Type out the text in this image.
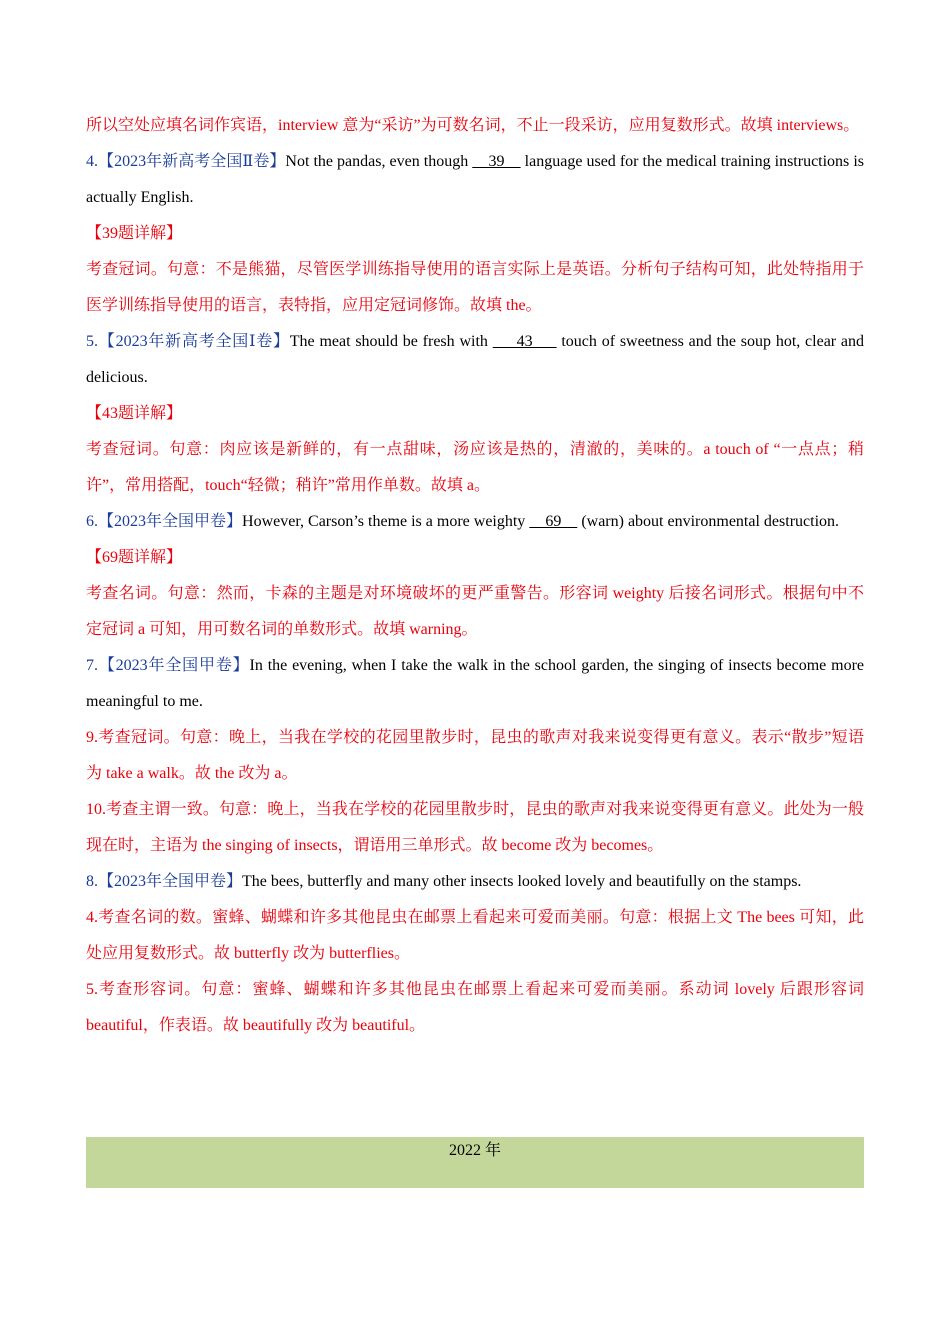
所以空处应填名词作宾语，interview 意为“采访”为可数名词，不止一段采访，应用复数形式。故填 interviews。
4.【2023年新高考全国Ⅱ卷】Not the pandas, even though     39     language used for the medical training instructions is actually English.
【39题详解】
考查冠词。句意：不是熊猫，尽管医学训练指导使用的语言实际上是英语。分析句子结构可知，此处特指用于医学训练指导使用的语言，表特指，应用定冠词修饰。故填 the。
5.【2023年新高考全国Ⅰ卷】The meat should be fresh with      43      touch of sweetness and the soup hot, clear and delicious.
【43题详解】
考查冠词。句意：肉应该是新鲜的，有一点甜味，汤应该是热的，清澈的，美味的。a touch of “一点点；稍许”，常用搭配，touch“轻微；稍许”常用作单数。故填 a。
6.【2023年全国甲卷】However, Carson’s theme is a more weighty     69     (warn) about environmental destruction.
【69题详解】
考查名词。句意：然而，卡森的主题是对环境破坏的更严重警告。形容词 weighty 后接名词形式。根据句中不定冠词 a 可知，用可数名词的单数形式。故填 warning。
7.【2023年全国甲卷】In the evening, when I take the walk in the school garden, the singing of insects become more meaningful to me.
9.考查冠词。句意：晚上，当我在学校的花园里散步时，昆虫的歌声对我来说变得更有意义。表示“散步”短语为 take a walk。故 the 改为 a。
10.考查主谓一致。句意：晚上，当我在学校的花园里散步时，昆虫的歌声对我来说变得更有意义。此处为一般现在时，主语为 the singing of insects，谓语用三单形式。故 become 改为 becomes。
8.【2023年全国甲卷】The bees, butterfly and many other insects looked lovely and beautifully on the stamps.
4.考查名词的数。蜜蜂、蝴蝶和许多其他昆虫在邮票上看起来可爱而美丽。句意：根据上文 The bees 可知，此处应用复数形式。故 butterfly 改为 butterflies。
5.考查形容词。句意：蜜蜂、蝴蝶和许多其他昆虫在邮票上看起来可爱而美丽。系动词 lovely 后跟形容词 beautiful，作表语。故 beautifully 改为 beautiful。
2022 年
